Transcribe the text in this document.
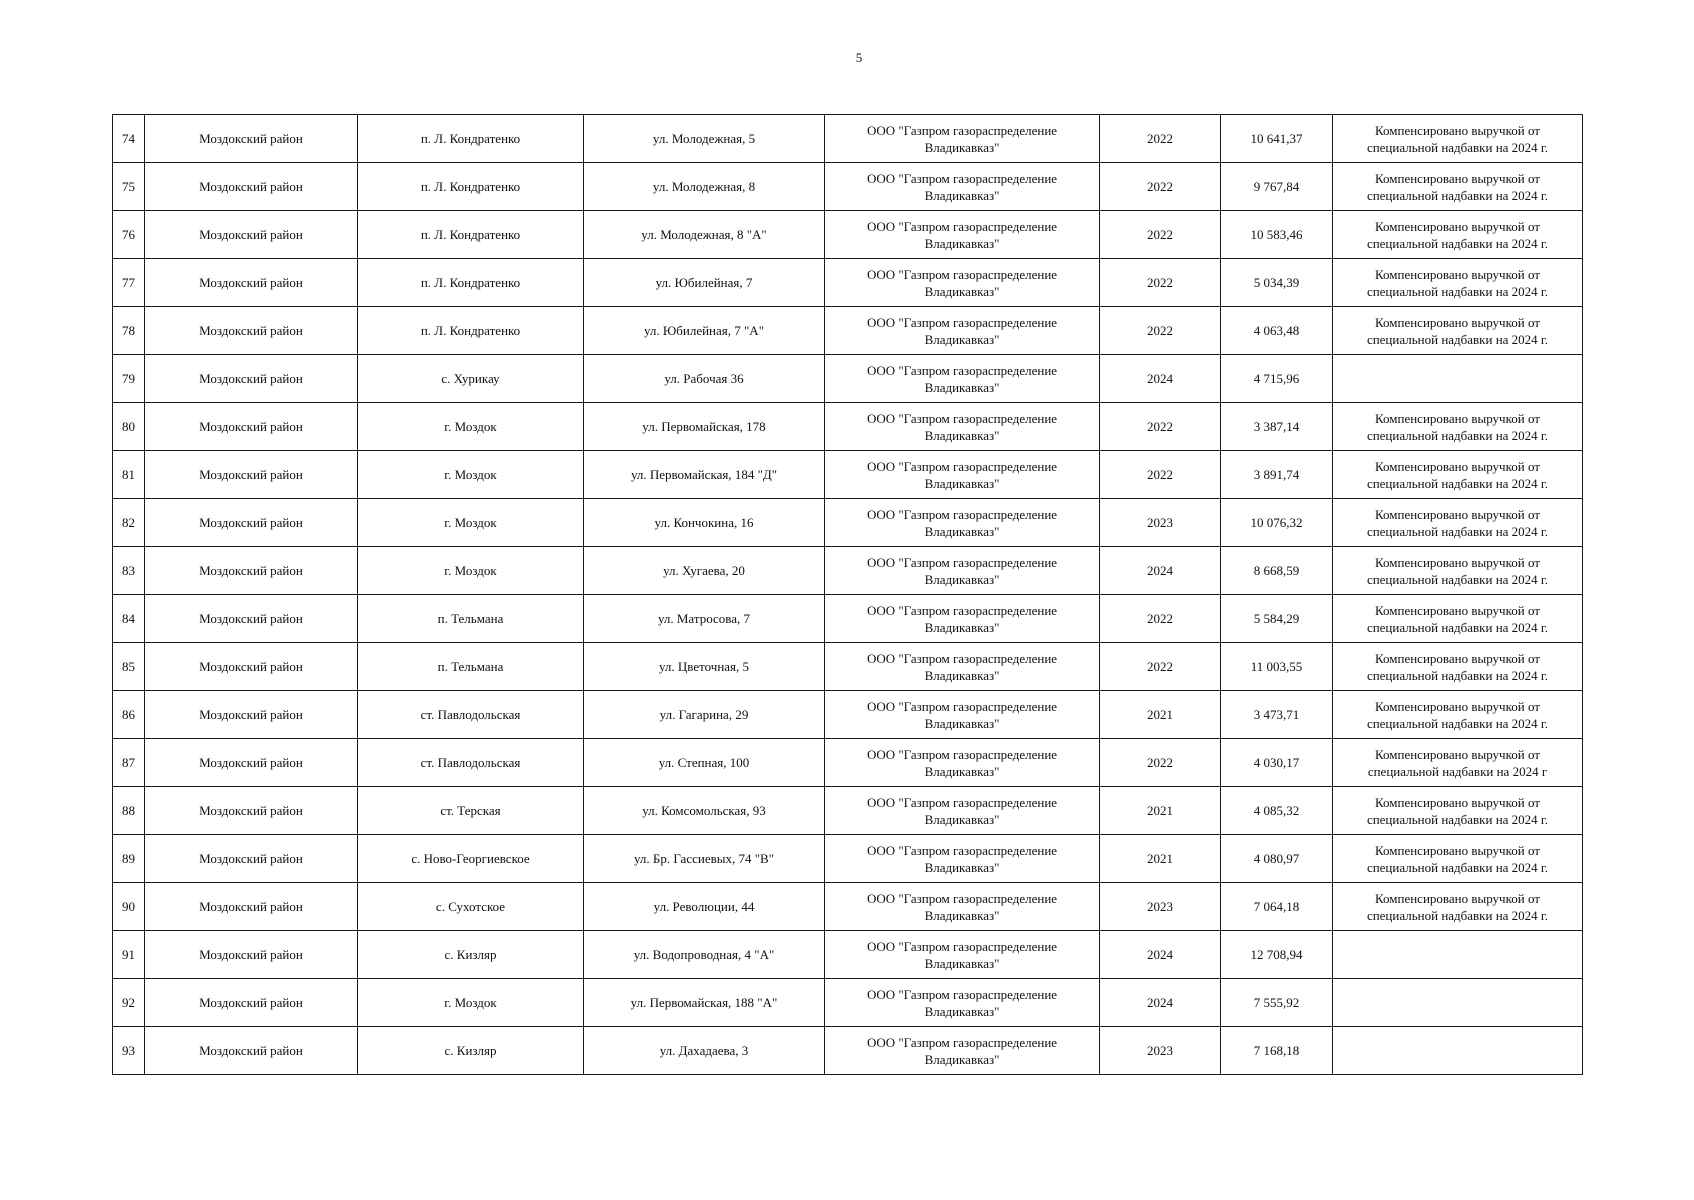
5
74	Моздокский район	п. Л. Кондратенко	ул. Молодежная, 5	ООО "Газпром газораспределение Владикавказ"	2022	10 641,37	Компенсировано выручкой от специальной надбавки на 2024 г.
75	Моздокский район	п. Л. Кондратенко	ул. Молодежная, 8	ООО "Газпром газораспределение Владикавказ"	2022	9 767,84	Компенсировано выручкой от специальной надбавки на 2024 г.
76	Моздокский район	п. Л. Кондратенко	ул. Молодежная, 8 "А"	ООО "Газпром газораспределение Владикавказ"	2022	10 583,46	Компенсировано выручкой от специальной надбавки на 2024 г.
77	Моздокский район	п. Л. Кондратенко	ул. Юбилейная, 7	ООО "Газпром газораспределение Владикавказ"	2022	5 034,39	Компенсировано выручкой от специальной надбавки на 2024 г.
78	Моздокский район	п. Л. Кондратенко	ул. Юбилейная, 7 "А"	ООО "Газпром газораспределение Владикавказ"	2022	4 063,48	Компенсировано выручкой от специальной надбавки на 2024 г.
79	Моздокский район	с. Хурикау	ул. Рабочая 36	ООО "Газпром газораспределение Владикавказ"	2024	4 715,96	
80	Моздокский район	г. Моздок	ул. Первомайская, 178	ООО "Газпром газораспределение Владикавказ"	2022	3 387,14	Компенсировано выручкой от специальной надбавки на 2024 г.
81	Моздокский район	г. Моздок	ул. Первомайская, 184 "Д"	ООО "Газпром газораспределение Владикавказ"	2022	3 891,74	Компенсировано выручкой от специальной надбавки на 2024 г.
82	Моздокский район	г. Моздок	ул. Кончокина, 16	ООО "Газпром газораспределение Владикавказ"	2023	10 076,32	Компенсировано выручкой от специальной надбавки на 2024 г.
83	Моздокский район	г. Моздок	ул. Хугаева, 20	ООО "Газпром газораспределение Владикавказ"	2024	8 668,59	Компенсировано выручкой от специальной надбавки на 2024 г.
84	Моздокский район	п. Тельмана	ул. Матросова, 7	ООО "Газпром газораспределение Владикавказ"	2022	5 584,29	Компенсировано выручкой от специальной надбавки на 2024 г.
85	Моздокский район	п. Тельмана	ул. Цветочная, 5	ООО "Газпром газораспределение Владикавказ"	2022	11 003,55	Компенсировано выручкой от специальной надбавки на 2024 г.
86	Моздокский район	ст. Павлодольская	ул. Гагарина, 29	ООО "Газпром газораспределение Владикавказ"	2021	3 473,71	Компенсировано выручкой от специальной надбавки на 2024 г.
87	Моздокский район	ст. Павлодольская	ул. Степная, 100	ООО "Газпром газораспределение Владикавказ"	2022	4 030,17	Компенсировано выручкой от специальной надбавки на 2024 г
88	Моздокский район	ст. Терская	ул. Комсомольская, 93	ООО "Газпром газораспределение Владикавказ"	2021	4 085,32	Компенсировано выручкой от специальной надбавки на 2024 г.
89	Моздокский район	с. Ново-Георгиевское	ул. Бр. Гассиевых, 74 "В"	ООО "Газпром газораспределение Владикавказ"	2021	4 080,97	Компенсировано выручкой от специальной надбавки на 2024 г.
90	Моздокский район	с. Сухотское	ул. Революции, 44	ООО "Газпром газораспределение Владикавказ"	2023	7 064,18	Компенсировано выручкой от специальной надбавки на 2024 г.
91	Моздокский район	с. Кизляр	ул. Водопроводная, 4 "А"	ООО "Газпром газораспределение Владикавказ"	2024	12 708,94	
92	Моздокский район	г. Моздок	ул. Первомайская, 188 "А"	ООО "Газпром газораспределение Владикавказ"	2024	7 555,92	
93	Моздокский район	с. Кизляр	ул. Дахадаева, 3	ООО "Газпром газораспределение Владикавказ"	2023	7 168,18	
